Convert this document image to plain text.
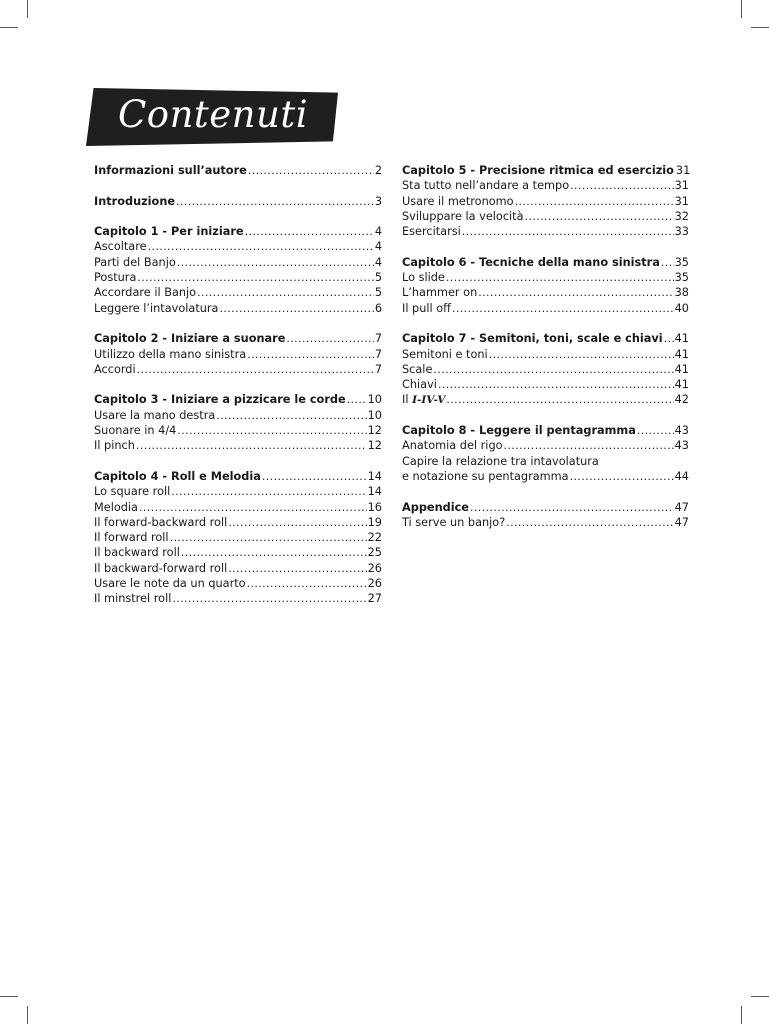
Contenuti
Informazioni sull’autore .....	2
Introduzione .....	3
Capitolo 1 - Per iniziare .....	4
Ascoltare .....	4
Parti del Banjo .....	4
Postura .....	5
Accordare il Banjo .....	5
Leggere l’intavolatura .....	6
Capitolo 2 - Iniziare a suonare .....	7
Utilizzo della mano sinistra .....	7
Accordi .....	7
Capitolo 3 - Iniziare a pizzicare le corde ..... 10
Usare la mano destra .....	10
Suonare in 4/4 .....	12
Il pinch .....	12
Capitolo 4 - Roll e Melodia .....	14
Lo square roll .....	14
Melodia .....	16
Il forward-backward roll .....	19
Il forward roll .....	22
Il backward roll .....	25
Il backward-forward roll .....	26
Usare le note da un quarto .....	26
Il minstrel roll .....	27
Capitolo 5 - Precisione ritmica ed esercizio 31
Sta tutto nell’andare a tempo .....	31
Usare il metronomo .....	31
Sviluppare la velocità .....	32
Esercitarsi .....	33
Capitolo 6 - Tecniche della mano sinistra ..... 35
Lo slide .....	35
L’hammer on .....	38
Il pull off .....	40
Capitolo 7 - Semitoni, toni, scale e chiavi ..... 41
Semitoni e toni .....	41
Scale .....	41
Chiavi .....	41
Il I-IV-V .....	42
Capitolo 8 - Leggere il pentagramma .....	43
Anatomia del rigo .....	43
Capire la relazione tra intavolatura
e notazione su pentagramma .....	44
Appendice .....	47
Ti serve un banjo? .....	47
